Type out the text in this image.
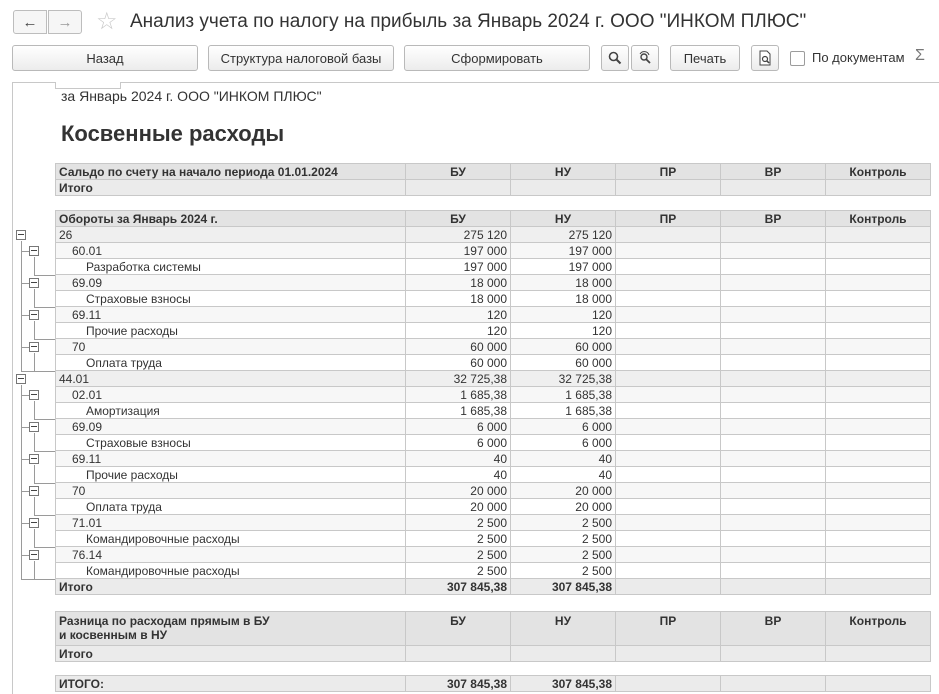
← → ☆ Анализ учета по налогу на прибыль за Январь 2024 г. ООО "ИНКОМ ПЛЮС"
Назад	Структура налоговой базы	Сформировать	Печать	По документам Σ
за Январь 2024 г. ООО "ИНКОМ ПЛЮС"
Косвенные расходы
Сальдо по счету на начало периода 01.01.2024	БУ	НУ	ПР	ВР	Контроль
Итого					
Обороты за Январь 2024 г.	БУ	НУ	ПР	ВР	Контроль
26	275 120	275 120			
60.01	197 000	197 000			
Разработка системы	197 000	197 000			
69.09	18 000	18 000			
Страховые взносы	18 000	18 000			
69.11	120	120			
Прочие расходы	120	120			
70	60 000	60 000			
Оплата труда	60 000	60 000			
44.01	32 725,38	32 725,38			
02.01	1 685,38	1 685,38			
Амортизация	1 685,38	1 685,38			
69.09	6 000	6 000			
Страховые взносы	6 000	6 000			
69.11	40	40			
Прочие расходы	40	40			
70	20 000	20 000			
Оплата труда	20 000	20 000			
71.01	2 500	2 500			
Командировочные расходы	2 500	2 500			
76.14	2 500	2 500			
Командировочные расходы	2 500	2 500			
Итого	307 845,38	307 845,38			
Разница по расходам прямым в БУ
и косвенным в НУ	БУ	НУ	ПР	ВР	Контроль
Итого					
ИТОГО:	307 845,38	307 845,38			
